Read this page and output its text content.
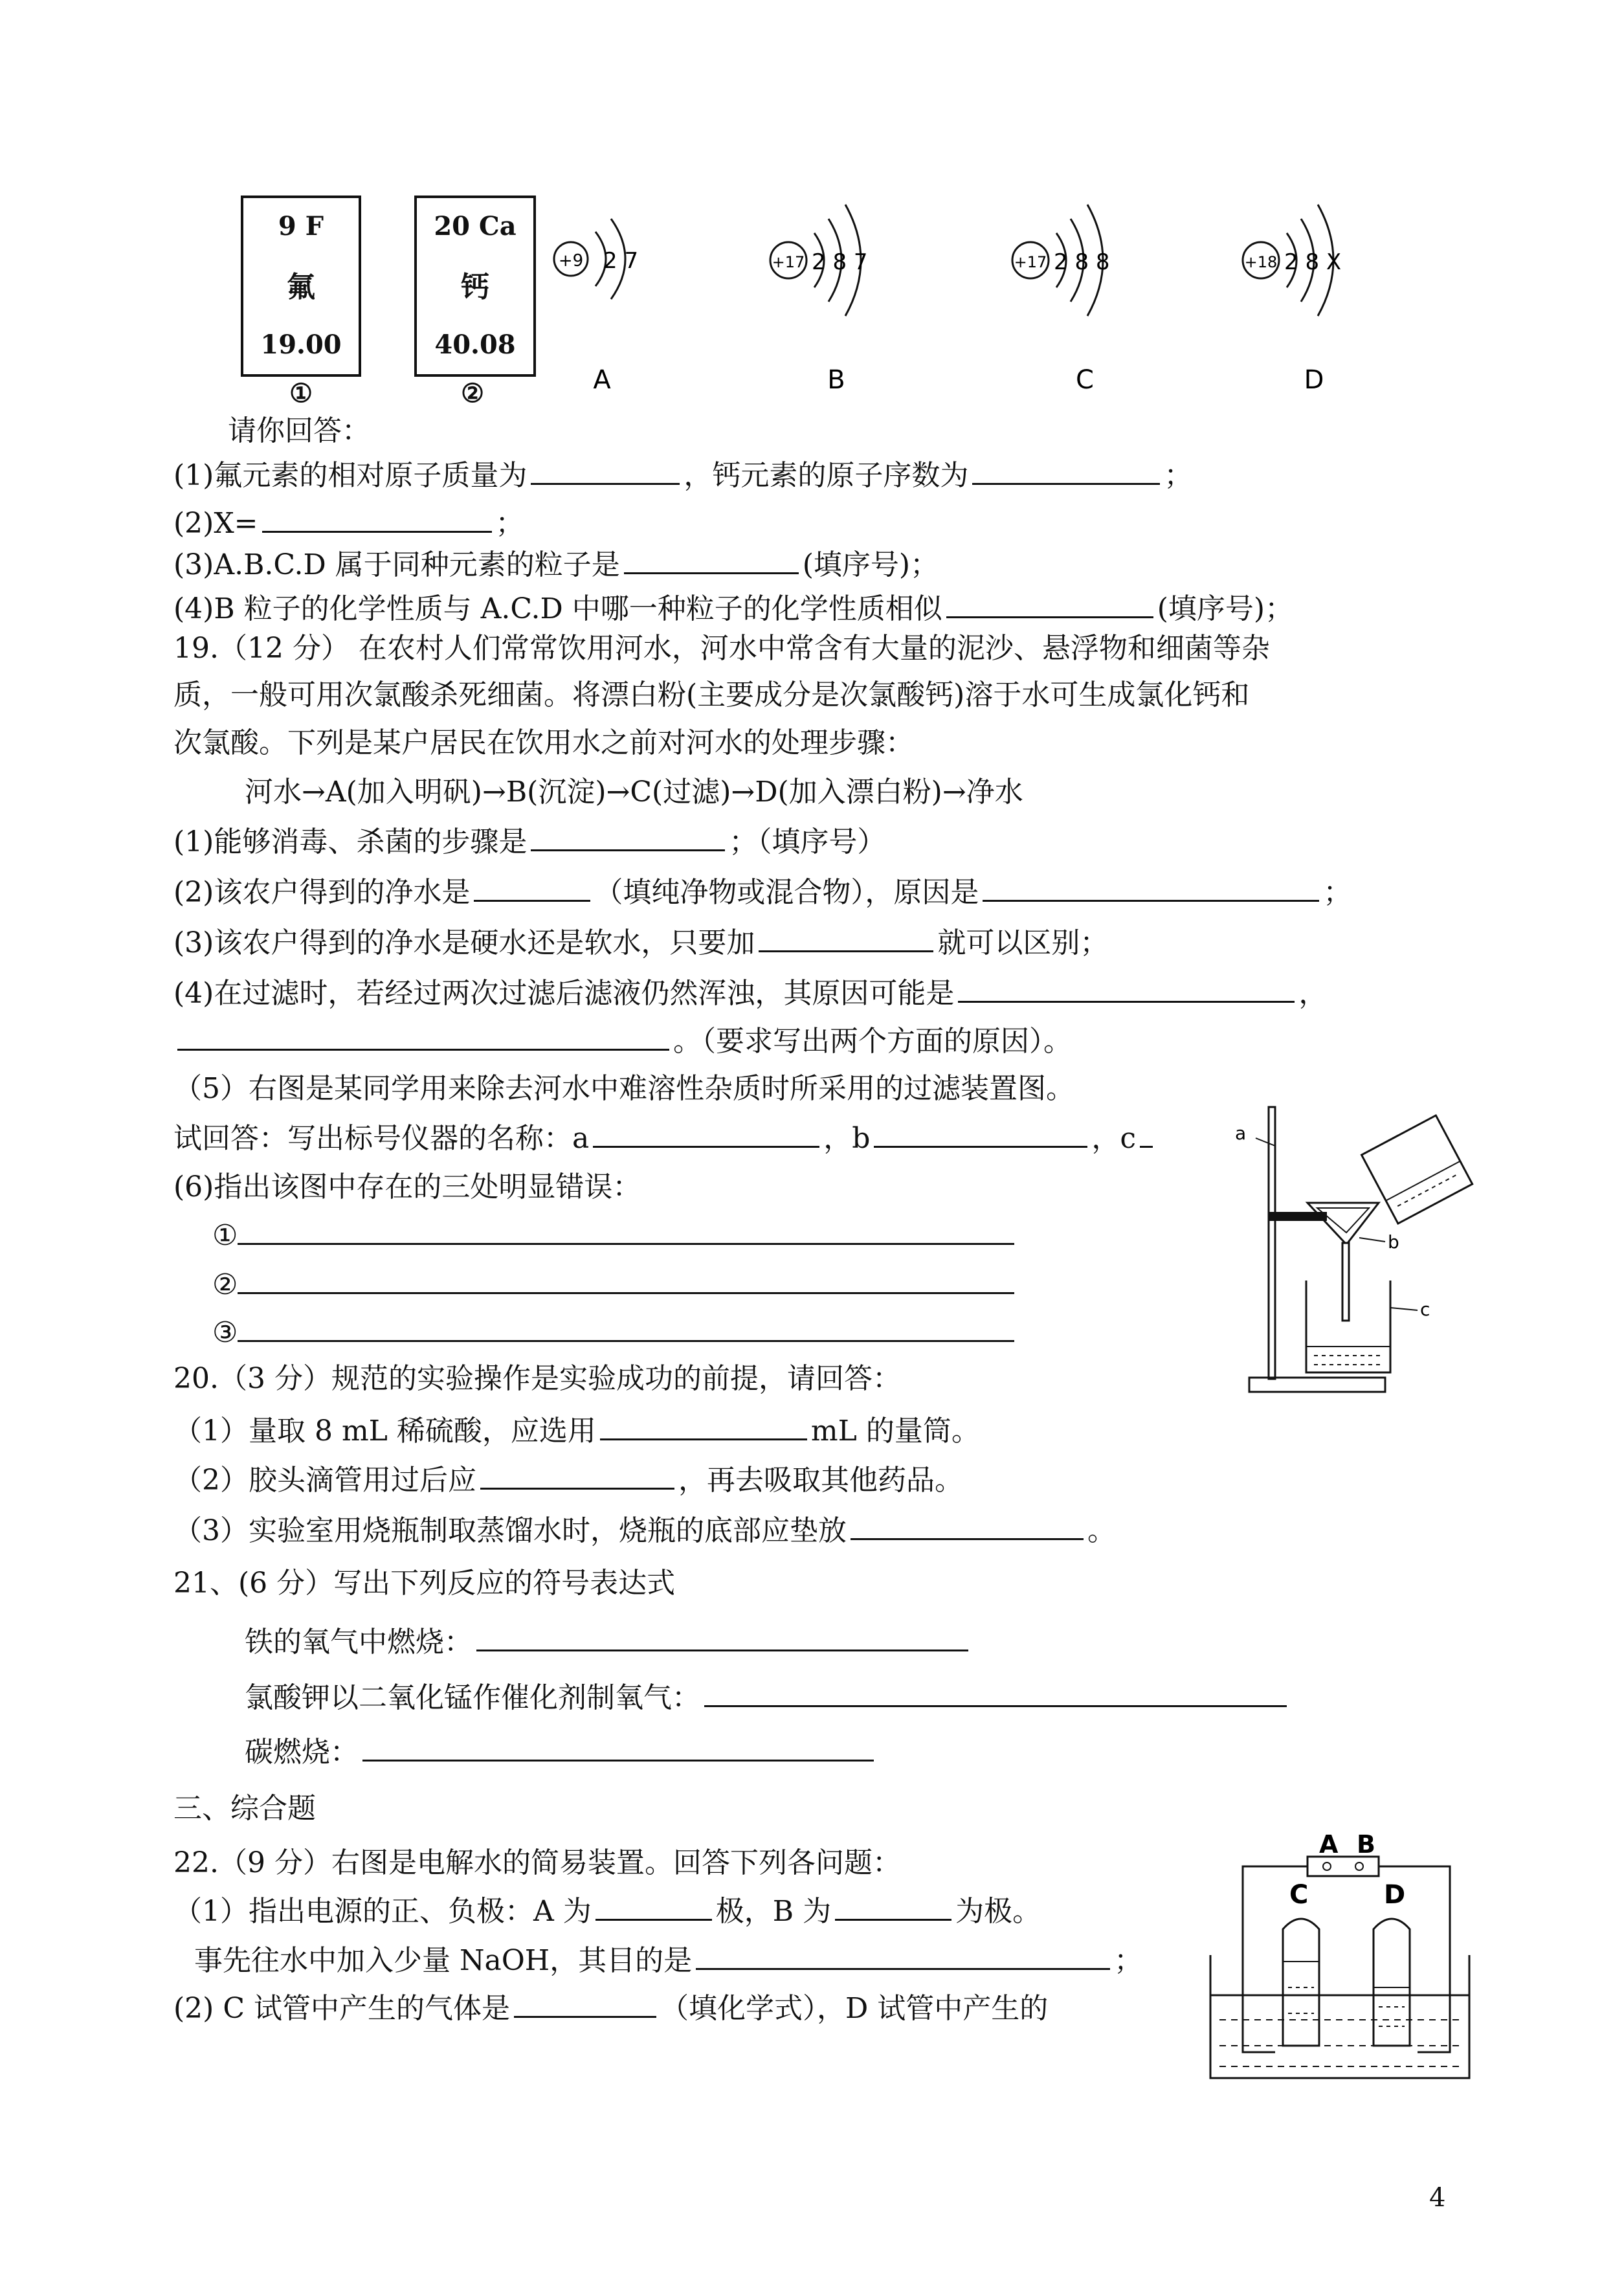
9 F
氟
19.00
①
20 Ca
钙
40.08
②
+9 2 7
A
+17 2 8 7
B
+17 2 8 8
C
+18 2 8 X
D
请你回答：
(1)氟元素的相对原子质量为	，钙元素的原子序数为	；
(2)X=	；
(3)A.B.C.D 属于同种元素的粒子是	(填序号)；
(4)B 粒子的化学性质与 A.C.D 中哪一种粒子的化学性质相似	(填序号)；
19.（12 分） 在农村人们常常饮用河水，河水中常含有大量的泥沙、悬浮物和细菌等杂
质，一般可用次氯酸杀死细菌。将漂白粉(主要成分是次氯酸钙)溶于水可生成氯化钙和
次氯酸。下列是某户居民在饮用水之前对河水的处理步骤：
河水→A(加入明矾)→B(沉淀)→C(过滤)→D(加入漂白粉)→净水
(1)能够消毒、杀菌的步骤是	；（填序号）
(2)该农户得到的净水是	（填纯净物或混合物），原因是	；
(3)该农户得到的净水是硬水还是软水，只要加	就可以区别；
(4)在过滤时，若经过两次过滤后滤液仍然浑浊，其原因可能是	，
。（要求写出两个方面的原因）。
（5）右图是某同学用来除去河水中难溶性杂质时所采用的过滤装置图。
试回答：写出标号仪器的名称：a	，b	，c
(6)指出该图中存在的三处明显错误：
①
②
③
a
b
c
20.（3 分）规范的实验操作是实验成功的前提，请回答：
（1）量取 8 mL 稀硫酸，应选用	mL 的量筒。
（2）胶头滴管用过后应	，再去吸取其他药品。
（3）实验室用烧瓶制取蒸馏水时，烧瓶的底部应垫放	。
21、(6 分）写出下列反应的符号表达式
铁的氧气中燃烧：
氯酸钾以二氧化锰作催化剂制氧气：
碳燃烧：
三、综合题
22.（9 分）右图是电解水的简易装置。回答下列各问题：
（1）指出电源的正、负极：A 为	极，B 为	为极。
事先往水中加入少量 NaOH，其目的是	；
(2) C 试管中产生的气体是	（填化学式），D 试管中产生的
A B
C	D
4
